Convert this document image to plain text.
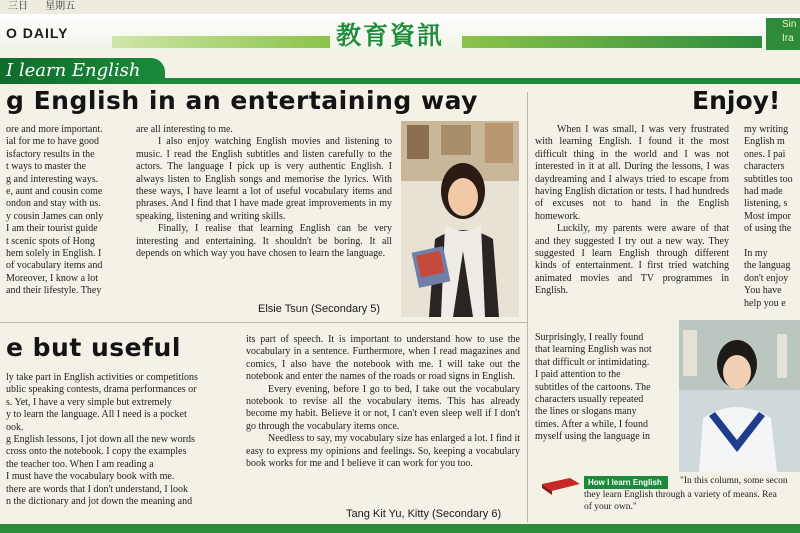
三日 星期五
O DAILY	教育資訊	Sin Ira
I learn English
g English in an entertaining way

ore and more important.

ial for me to have good

isfactory results in the

t ways to master the

g and interesting ways.

e, aunt and cousin come

ondon and stay with us.

y cousin James can only

I am their tourist guide

t scenic spots of Hong

hem solely in English. I

of vocabulary items and

Moreover, I know a lot

and their lifestyle. They

are all interesting to me.

I also enjoy watching English movies and listening to music. I read the English subtitles and listen carefully to the actors. The language I pick up is very authentic English. I always listen to English songs and memorise the lyrics. With these ways, I have learnt a lot of useful vocabulary items and phrases. And I find that I have made great improvements in my speaking, listening and writing skills.

Finally, I realise that learning English can be very interesting and entertaining. It shouldn't be boring. It all depends on which way you have chosen to learn the language.

Elsie Tsun (Secondary 5)
e but useful

ly take part in English activities or competitions

ublic speaking contests, drama performances or

s. Yet, I have a very simple but extremely

y to learn the language. All I need is a pocket

ook.

g English lessons, I jot down all the new words

cross onto the notebook. I copy the examples

the teacher too. When I am reading a

I must have the vocabulary book with me.

there are words that I don't understand, I look

n the dictionary and jot down the meaning and

its part of speech. It is important to understand how to use the vocabulary in a sentence. Furthermore, when I read magazines and comics, I also have the notebook with me. I will take out the notebook and enter the names of the roads or road signs in English.

Every evening, before I go to bed, I take out the vocabulary notebook to revise all the vocabulary items. This has already become my habit. Believe it or not, I can't even sleep well if I don't go through the vocabulary items once.

Needless to say, my vocabulary size has enlarged a lot. I find it easy to express my opinions and feelings. So, keeping a vocabulary book works for me and I believe it can work for you too.

Tang Kit Yu, Kitty (Secondary 6)
Enjoy!

When I was small, I was very frustrated with learning English. I found it the most difficult thing in the world and I was not interested in it at all. During the lessons, I was daydreaming and I always tried to escape from having English dictation or tests. I had hundreds of excuses not to hand in the English homework.

Luckily, my parents were aware of that and they suggested I try out a new way. They suggested I learn English through different kinds of entertainment. I first tried watching animated movies and TV programmes in English.

Surprisingly, I really found

that learning English was not

that difficult or intimidating.

I paid attention to the

subtitles of the cartoons. The

characters usually repeated

the lines or slogans many

times. After a while, I found

myself using the language in

my writing

English m

ones. I pai

characters

subtitles too

had made

listening, s

Most impor

of using the

In my

the languag

don't enjoy

You have

help you e

How I learn English	"In this column, some secon
they learn English through a variety of means. Rea
of your own."
